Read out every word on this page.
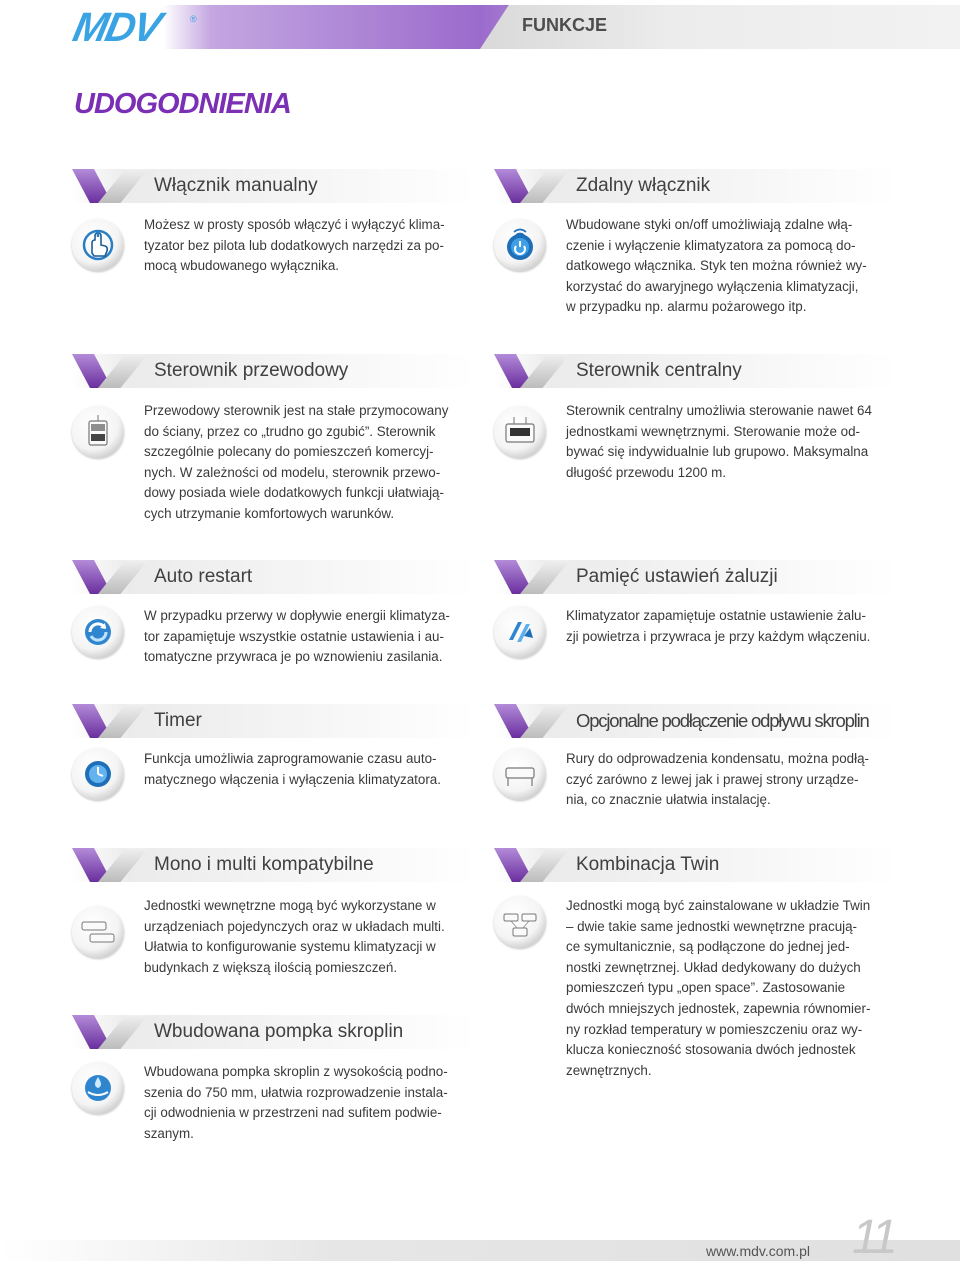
MDV	®	FUNKCJE
UDOGODNIENIA
Włącznik manualny
Możesz w prosty sposób włączyć i wyłączyć klima-
tyzator bez pilota lub dodatkowych narzędzi za po-
mocą wbudowanego wyłącznika.
Zdalny włącznik
Wbudowane styki on/off umożliwiają zdalne włą-
czenie i wyłączenie klimatyzatora za pomocą do-
datkowego włącznika. Styk ten można również wy-
korzystać do awaryjnego wyłączenia klimatyzacji,
w przypadku np. alarmu pożarowego itp.
Sterownik przewodowy
Przewodowy sterownik jest na stałe przymocowany
do ściany, przez co „trudno go zgubić”. Sterownik
szczególnie polecany do pomieszczeń komercyj-
nych. W zależności od modelu, sterownik przewo-
dowy posiada wiele dodatkowych funkcji ułatwiają-
cych utrzymanie komfortowych warunków.
Sterownik centralny
Sterownik centralny umożliwia sterowanie nawet 64
jednostkami wewnętrznymi. Sterowanie może od-
bywać się indywidualnie lub grupowo. Maksymalna
długość przewodu 1200 m.
Auto restart
W przypadku przerwy w dopływie energii klimatyza-
tor zapamiętuje wszystkie ostatnie ustawienia i au-
tomatyczne przywraca je po wznowieniu zasilania.
Pamięć ustawień żaluzji
Klimatyzator zapamiętuje ostatnie ustawienie żalu-
zji powietrza i przywraca je przy każdym włączeniu.
Timer
Funkcja umożliwia zaprogramowanie czasu auto-
matycznego włączenia i wyłączenia klimatyzatora.
Opcjonalne podłączenie odpływu skroplin
Rury do odprowadzenia kondensatu, można podłą-
czyć zarówno z lewej jak i prawej strony urządze-
nia, co znacznie ułatwia instalację.
Mono i multi kompatybilne
Jednostki wewnętrzne mogą być wykorzystane w
urządzeniach pojedynczych oraz w układach multi.
Ułatwia to konfigurowanie systemu klimatyzacji w
budynkach z większą ilością pomieszczeń.
Kombinacja Twin
Jednostki mogą być zainstalowane w układzie Twin
– dwie takie same jednostki wewnętrzne pracują-
ce symultanicznie, są podłączone do jednej jed-
nostki zewnętrznej. Układ dedykowany do dużych
pomieszczeń typu „open space”. Zastosowanie
dwóch mniejszych jednostek, zapewnia równomier-
ny rozkład temperatury w pomieszczeniu oraz wy-
klucza konieczność stosowania dwóch jednostek
zewnętrznych.
Wbudowana pompka skroplin
Wbudowana pompka skroplin z wysokością podno-
szenia do 750 mm, ułatwia rozprowadzenie instala-
cji odwodnienia w przestrzeni nad sufitem podwie-
szanym.
www.mdv.com.pl 11
